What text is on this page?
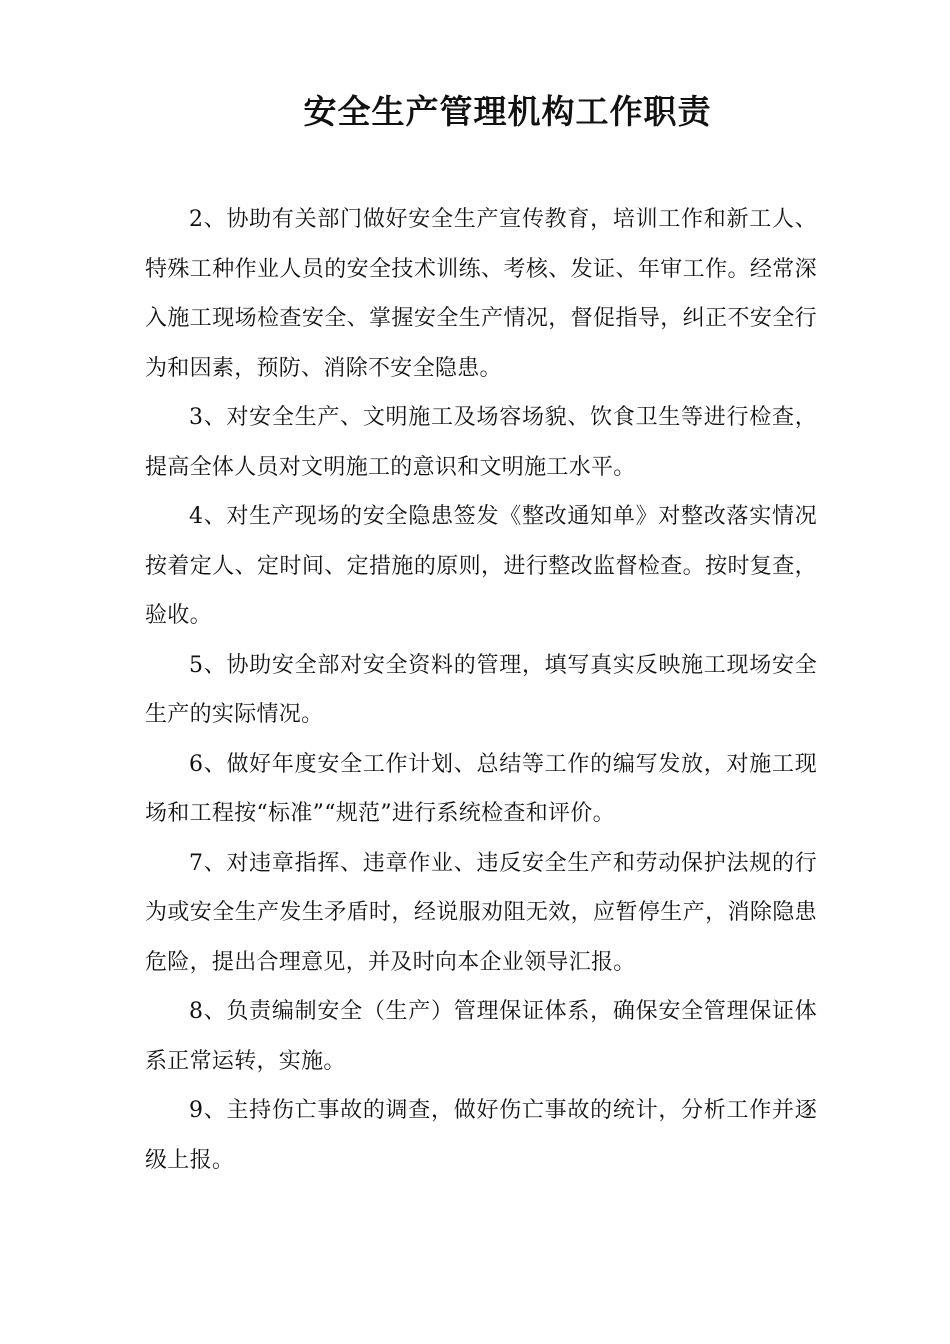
安全生产管理机构工作职责

2、协助有关部门做好安全生产宣传教育，培训工作和新工人、特殊工种作业人员的安全技术训练、考核、发证、年审工作。经常深入施工现场检查安全、掌握安全生产情况，督促指导，纠正不安全行为和因素，预防、消除不安全隐患。

3、对安全生产、文明施工及场容场貌、饮食卫生等进行检查，提高全体人员对文明施工的意识和文明施工水平。

4、对生产现场的安全隐患签发《整改通知单》对整改落实情况按着定人、定时间、定措施的原则，进行整改监督检查。按时复查，验收。

5、协助安全部对安全资料的管理，填写真实反映施工现场安全生产的实际情况。

6、做好年度安全工作计划、总结等工作的编写发放，对施工现场和工程按“标准”“规范”进行系统检查和评价。

7、对违章指挥、违章作业、违反安全生产和劳动保护法规的行为或安全生产发生矛盾时，经说服劝阻无效，应暂停生产，消除隐患危险，提出合理意见，并及时向本企业领导汇报。

8、负责编制安全（生产）管理保证体系，确保安全管理保证体系正常运转，实施。

9、主持伤亡事故的调查，做好伤亡事故的统计，分析工作并逐级上报。
